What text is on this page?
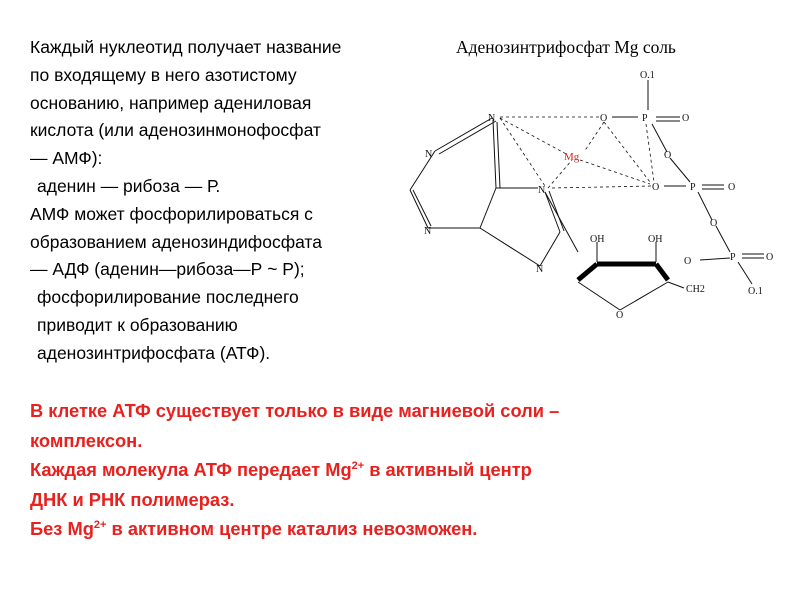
Каждый нуклеотид получает название
по входящему в него азотистому
основанию, например адениловая
кислота (или аденозинмонофосфат
— АМФ):
аденин — рибоза — Р.
АМФ может фосфорилироваться с
образованием аденозиндифосфата
— АДФ (аденин—рибоза—Р ~ Р);
фосфорилирование последнего
приводит к образованию
аденозинтрифосфата (АТФ).
Аденозинтрифосфат Mg соль
N
N
N
N
N
O	P	O
O.1
O
O	P	O
O
P	O
O.1
O
Mg
OH	OH
CH2
O
В клетке АТФ существует только в виде магниевой соли –
комплексон.
Каждая молекула АТФ передает $Mg^{2+}$ в активный центр
ДНК и РНК полимераз.
Без $Mg^{2+}$ в активном центре катализ невозможен.
